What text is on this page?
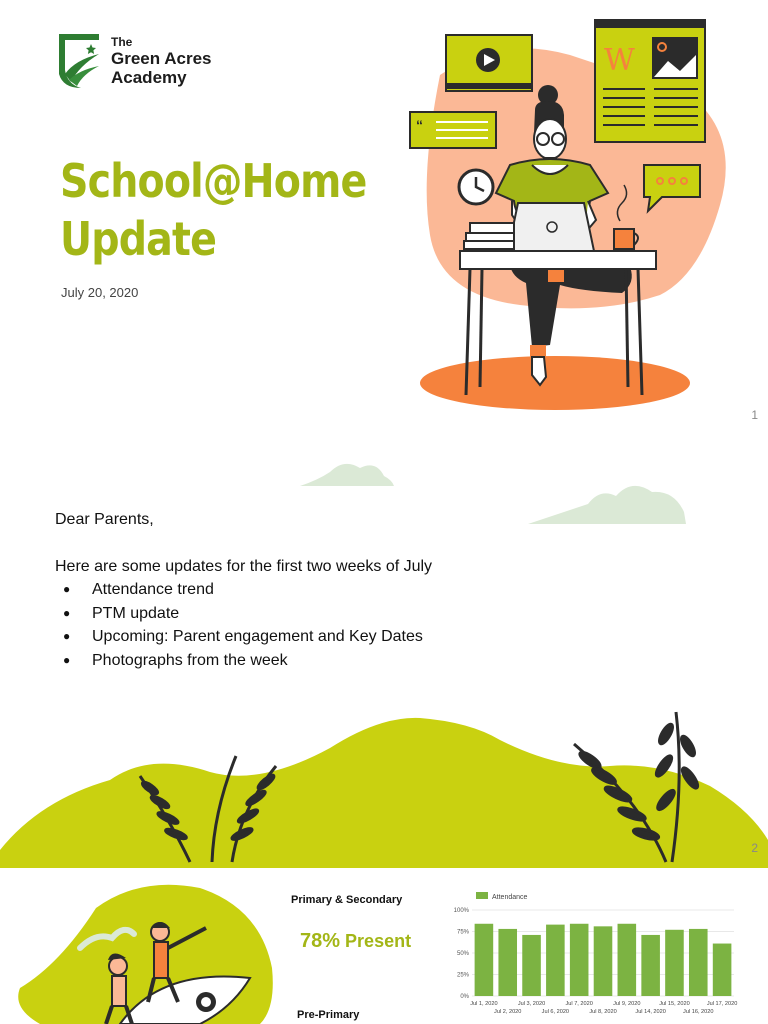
The
Green Acres
Academy
School@Home
Update
July 20, 2020
W
“
1

Dear Parents,

Here are some updates for the first two weeks of July

● Attendance trend
● PTM update
● Upcoming: Parent engagement and Key Dates
● Photographs from the week
2
Primary & Secondary
78% Present
Pre-Primary
Attendance
100%
75%
50%
25%
0%
Jul 1, 2020
Jul 2, 2020
Jul 3, 2020
Jul 6, 2020
Jul 7, 2020
Jul 8, 2020
Jul 9, 2020
Jul 14, 2020
Jul 15, 2020
Jul 16, 2020
Jul 17, 2020
